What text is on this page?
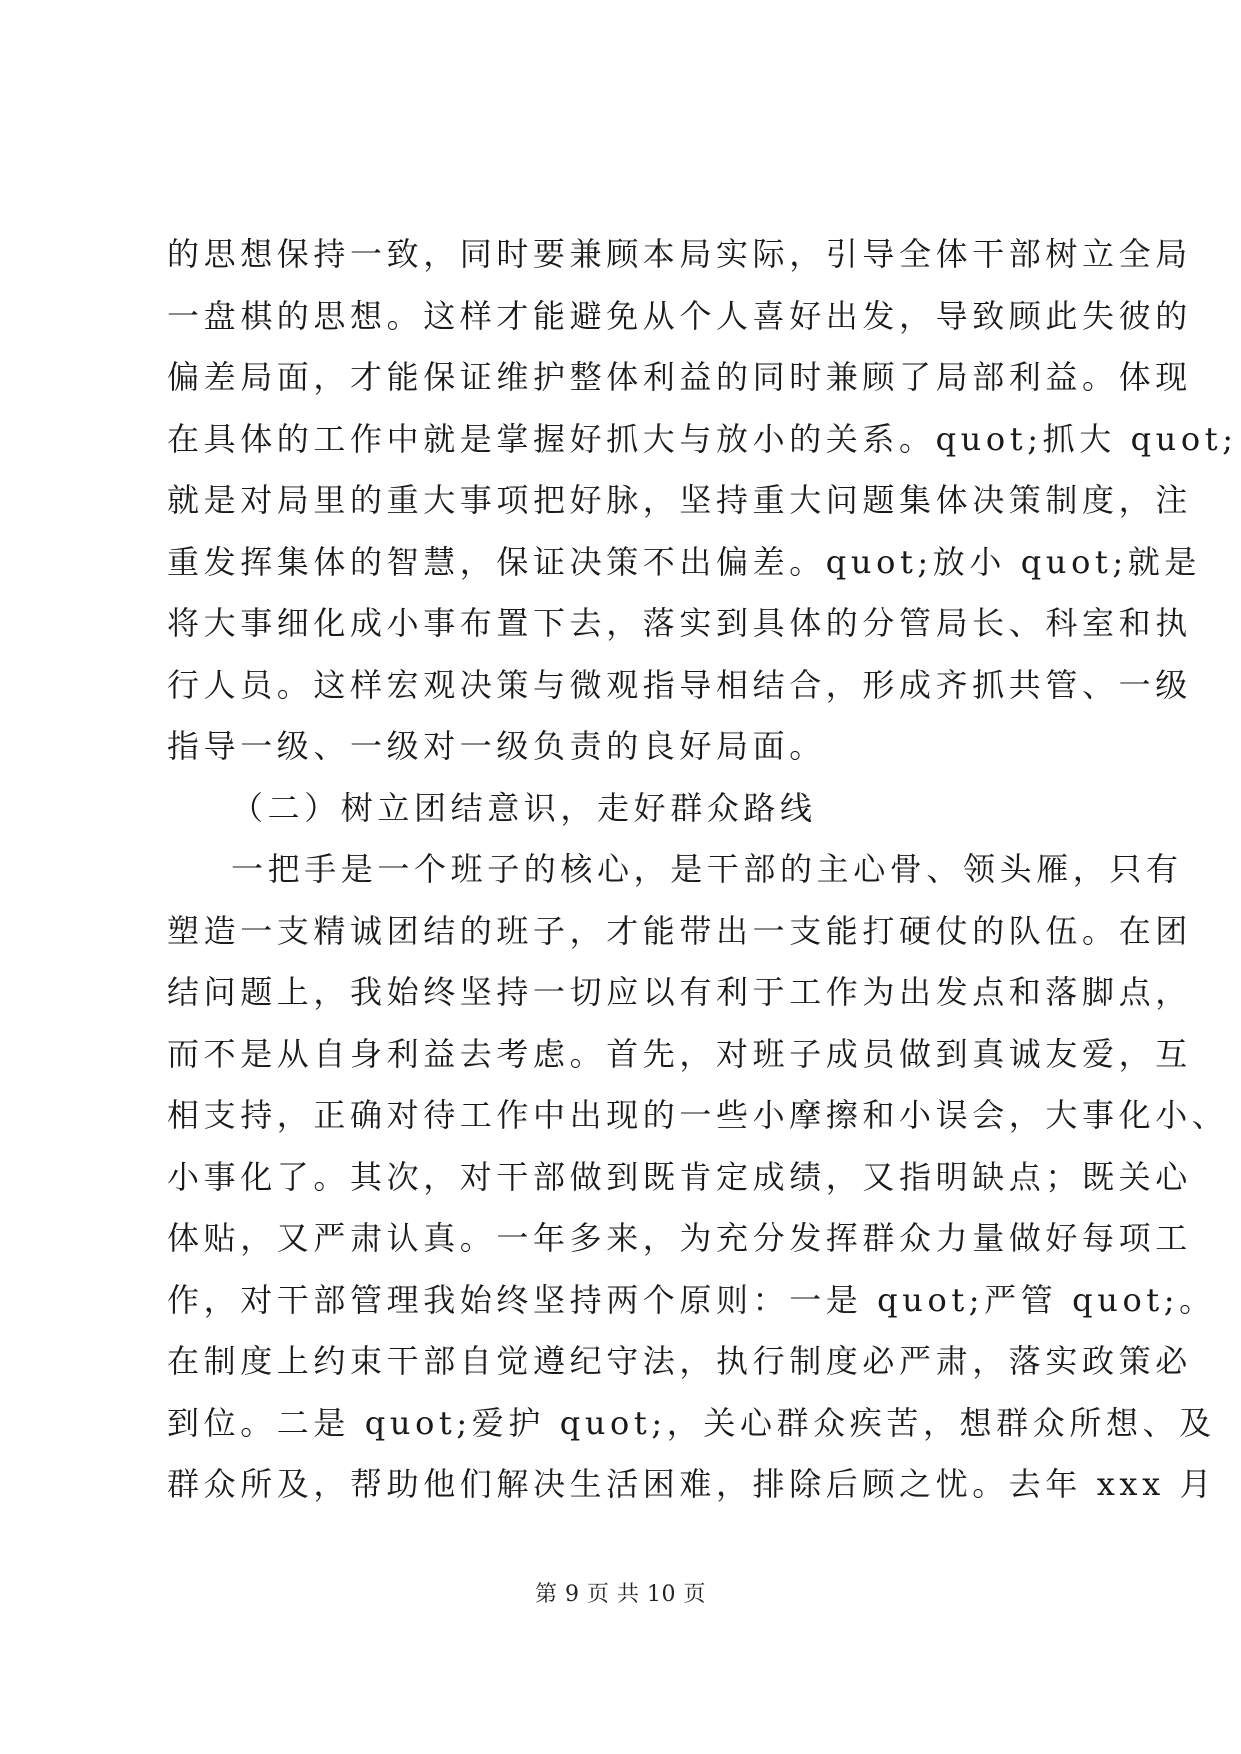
的思想保持一致，同时要兼顾本局实际，引导全体干部树立全局
一盘棋的思想。这样才能避免从个人喜好出发，导致顾此失彼的
偏差局面，才能保证维护整体利益的同时兼顾了局部利益。体现
在具体的工作中就是掌握好抓大与放小的关系。quot;抓大 quot;
就是对局里的重大事项把好脉，坚持重大问题集体决策制度，注
重发挥集体的智慧，保证决策不出偏差。quot;放小 quot;就是
将大事细化成小事布置下去，落实到具体的分管局长、科室和执
行人员。这样宏观决策与微观指导相结合，形成齐抓共管、一级
指导一级、一级对一级负责的良好局面。
（二）树立团结意识，走好群众路线
一把手是一个班子的核心，是干部的主心骨、领头雁，只有
塑造一支精诚团结的班子，才能带出一支能打硬仗的队伍。在团
结问题上，我始终坚持一切应以有利于工作为出发点和落脚点，
而不是从自身利益去考虑。首先，对班子成员做到真诚友爱，互
相支持，正确对待工作中出现的一些小摩擦和小误会，大事化小、
小事化了。其次，对干部做到既肯定成绩，又指明缺点；既关心
体贴，又严肃认真。一年多来，为充分发挥群众力量做好每项工
作，对干部管理我始终坚持两个原则：一是 quot;严管 quot;。
在制度上约束干部自觉遵纪守法，执行制度必严肃，落实政策必
到位。二是 quot;爱护 quot;，关心群众疾苦，想群众所想、及
群众所及，帮助他们解决生活困难，排除后顾之忧。去年 xxx 月
第 9 页 共 10 页
